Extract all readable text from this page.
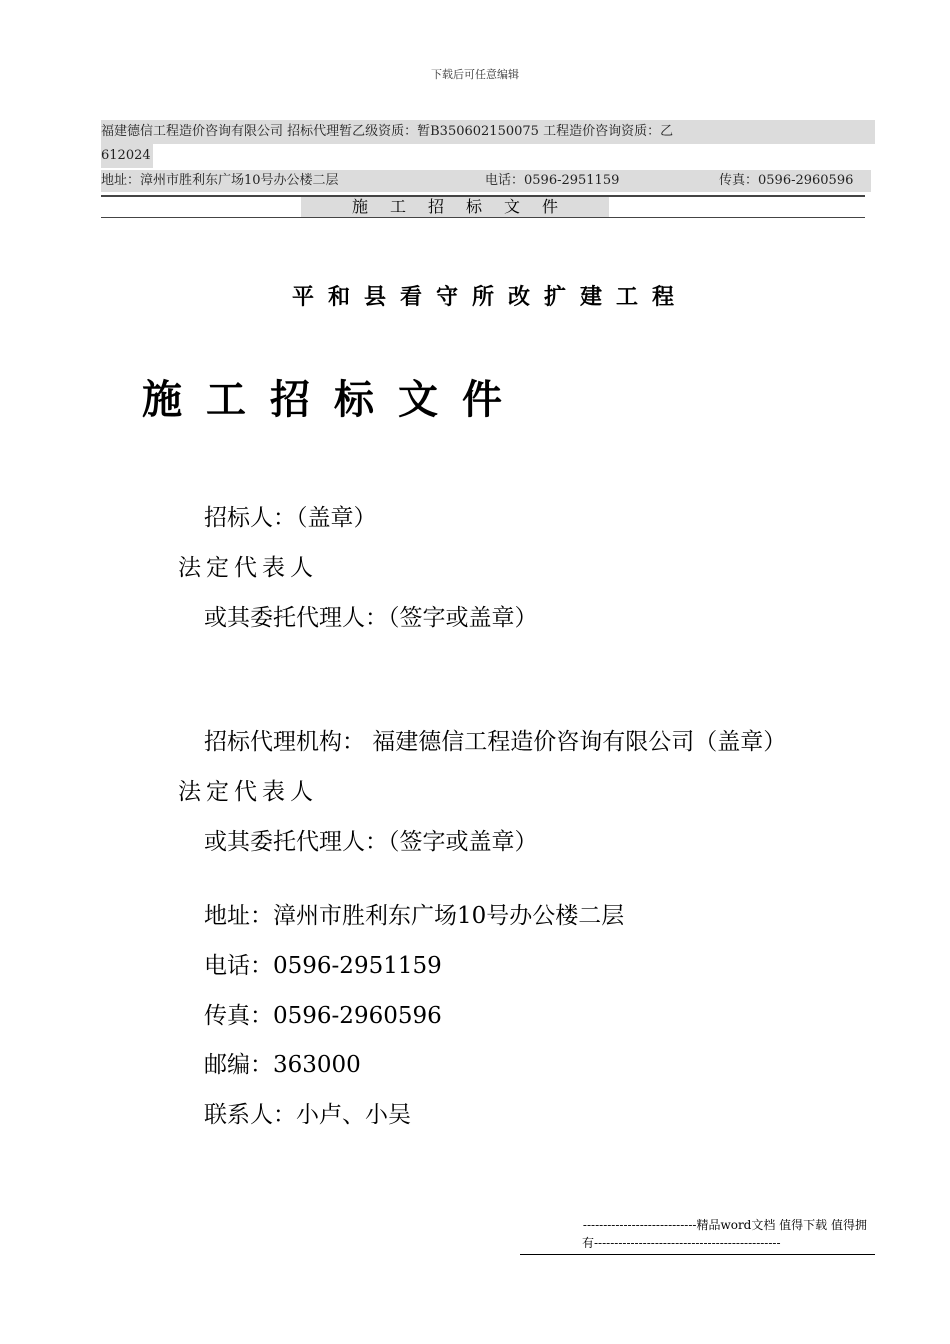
下载后可任意编辑
福建德信工程造价咨询有限公司 招标代理暂乙级资质：暂B350602150075 工程造价咨询资质：乙
612024
地址：漳州市胜利东广场10号办公楼二层	电话：0596-2951159	传真：0596-2960596
施工招标文件
平和县看守所改扩建工程
施工招标文件
招标人：（盖章）
法定代表人
或其委托代理人：（签字或盖章）
招标代理机构： 福建德信工程造价咨询有限公司（盖章）
法定代表人
或其委托代理人：（签字或盖章）
地址：漳州市胜利东广场10号办公楼二层
电话：0596-2951159
传真：0596-2960596
邮编：363000
联系人：小卢、小吴
----------------------------精品word文档 值得下载 值得拥
有----------------------------------------------
